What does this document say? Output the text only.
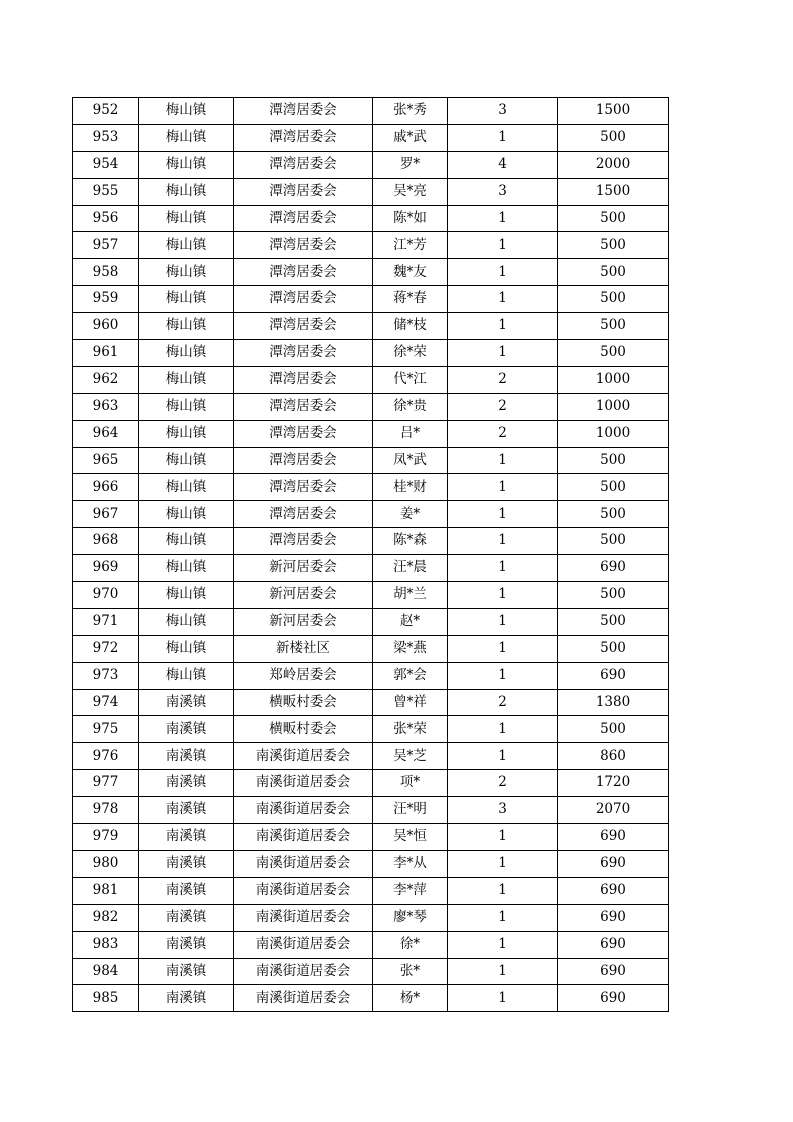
952	梅山镇	潭湾居委会	张*秀	3	1500
953	梅山镇	潭湾居委会	戚*武	1	500
954	梅山镇	潭湾居委会	罗*	4	2000
955	梅山镇	潭湾居委会	吴*亮	3	1500
956	梅山镇	潭湾居委会	陈*如	1	500
957	梅山镇	潭湾居委会	江*芳	1	500
958	梅山镇	潭湾居委会	魏*友	1	500
959	梅山镇	潭湾居委会	蒋*春	1	500
960	梅山镇	潭湾居委会	储*枝	1	500
961	梅山镇	潭湾居委会	徐*荣	1	500
962	梅山镇	潭湾居委会	代*江	2	1000
963	梅山镇	潭湾居委会	徐*贵	2	1000
964	梅山镇	潭湾居委会	吕*	2	1000
965	梅山镇	潭湾居委会	凤*武	1	500
966	梅山镇	潭湾居委会	桂*财	1	500
967	梅山镇	潭湾居委会	姜*	1	500
968	梅山镇	潭湾居委会	陈*森	1	500
969	梅山镇	新河居委会	汪*晨	1	690
970	梅山镇	新河居委会	胡*兰	1	500
971	梅山镇	新河居委会	赵*	1	500
972	梅山镇	新楼社区	梁*燕	1	500
973	梅山镇	郑岭居委会	郭*会	1	690
974	南溪镇	横畈村委会	曾*祥	2	1380
975	南溪镇	横畈村委会	张*荣	1	500
976	南溪镇	南溪街道居委会	吴*芝	1	860
977	南溪镇	南溪街道居委会	项*	2	1720
978	南溪镇	南溪街道居委会	汪*明	3	2070
979	南溪镇	南溪街道居委会	吴*恒	1	690
980	南溪镇	南溪街道居委会	李*从	1	690
981	南溪镇	南溪街道居委会	李*萍	1	690
982	南溪镇	南溪街道居委会	廖*琴	1	690
983	南溪镇	南溪街道居委会	徐*	1	690
984	南溪镇	南溪街道居委会	张*	1	690
985	南溪镇	南溪街道居委会	杨*	1	690
